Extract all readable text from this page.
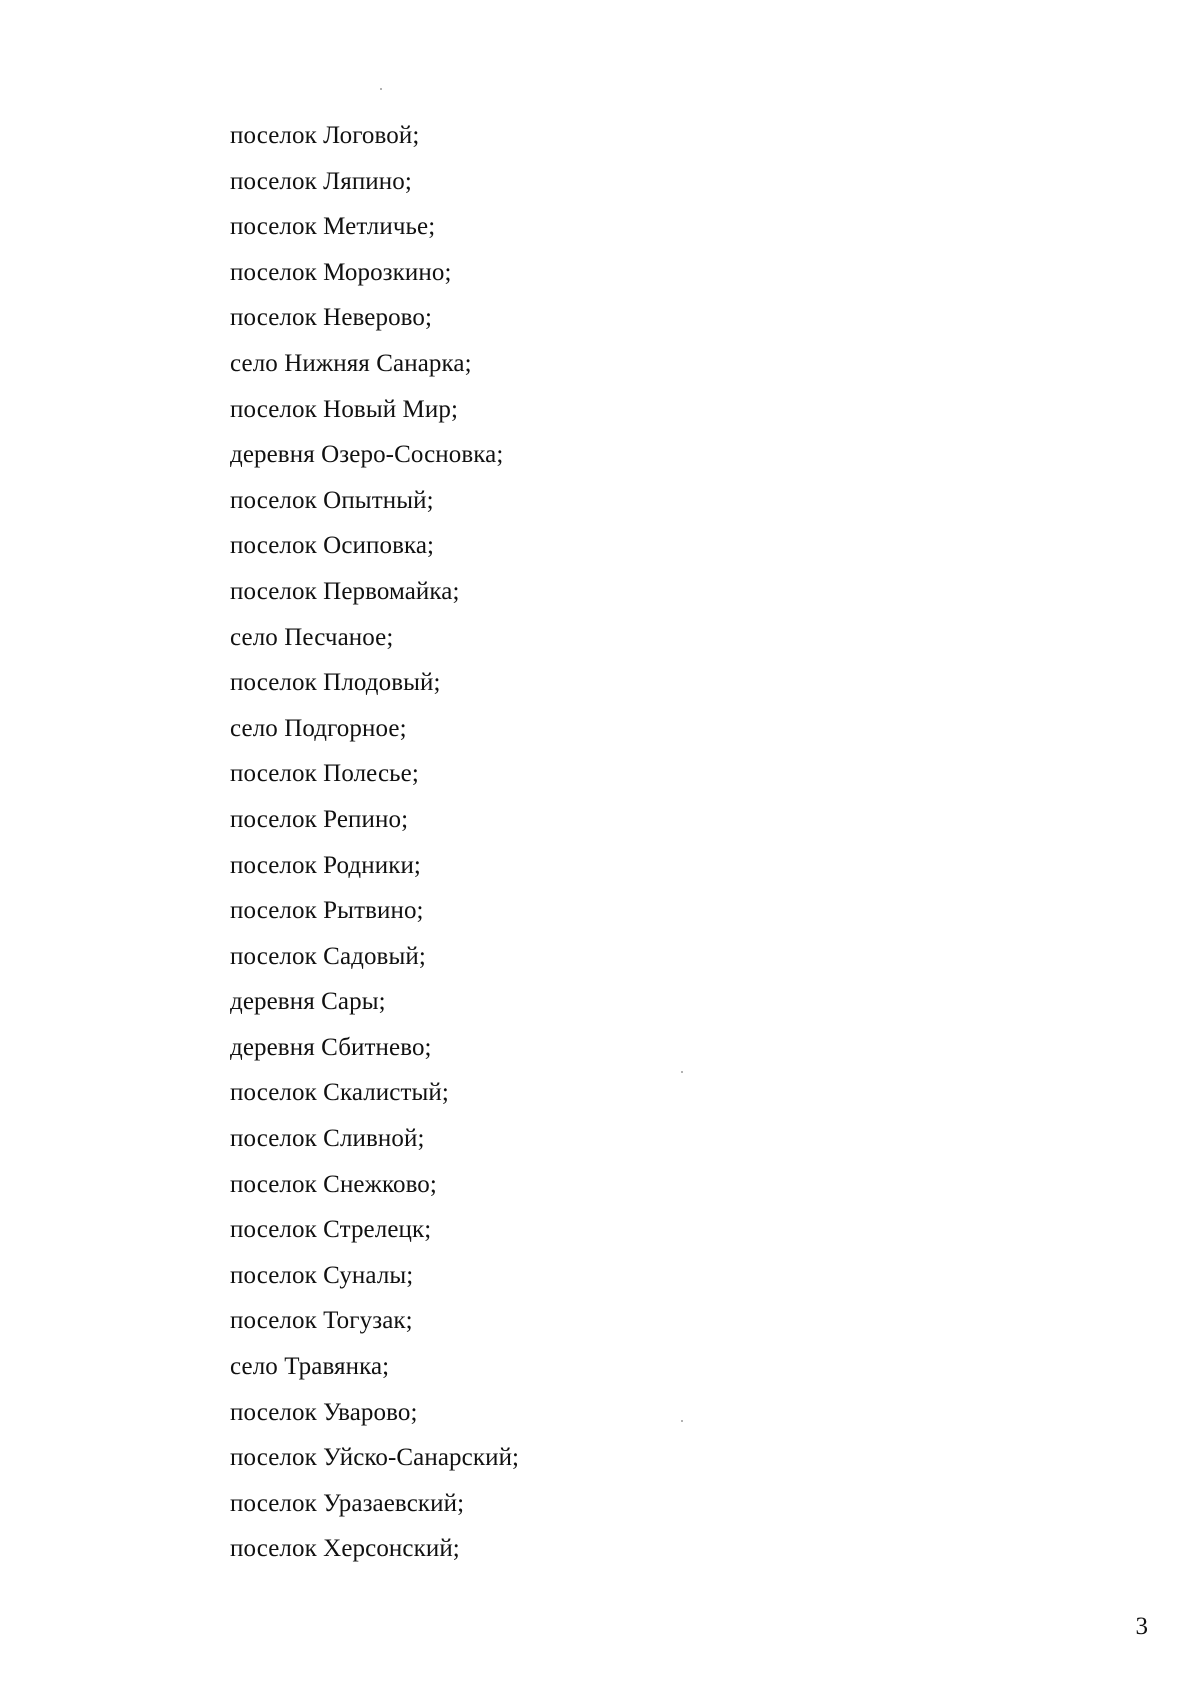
поселок Логовой;
поселок Ляпино;
поселок Метличье;
поселок Морозкино;
поселок Неверово;
село Нижняя Санарка;
поселок Новый Мир;
деревня Озеро-Сосновка;
поселок Опытный;
поселок Осиповка;
поселок Первомайка;
село Песчаное;
поселок Плодовый;
село Подгорное;
поселок Полесье;
поселок Репино;
поселок Родники;
поселок Рытвино;
поселок Садовый;
деревня Сары;
деревня Сбитнево;
поселок Скалистый;
поселок Сливной;
поселок Снежково;
поселок Стрелецк;
поселок Суналы;
поселок Тогузак;
село Травянка;
поселок Уварово;
поселок Уйско-Санарский;
поселок Уразаевский;
поселок Херсонский;
3
